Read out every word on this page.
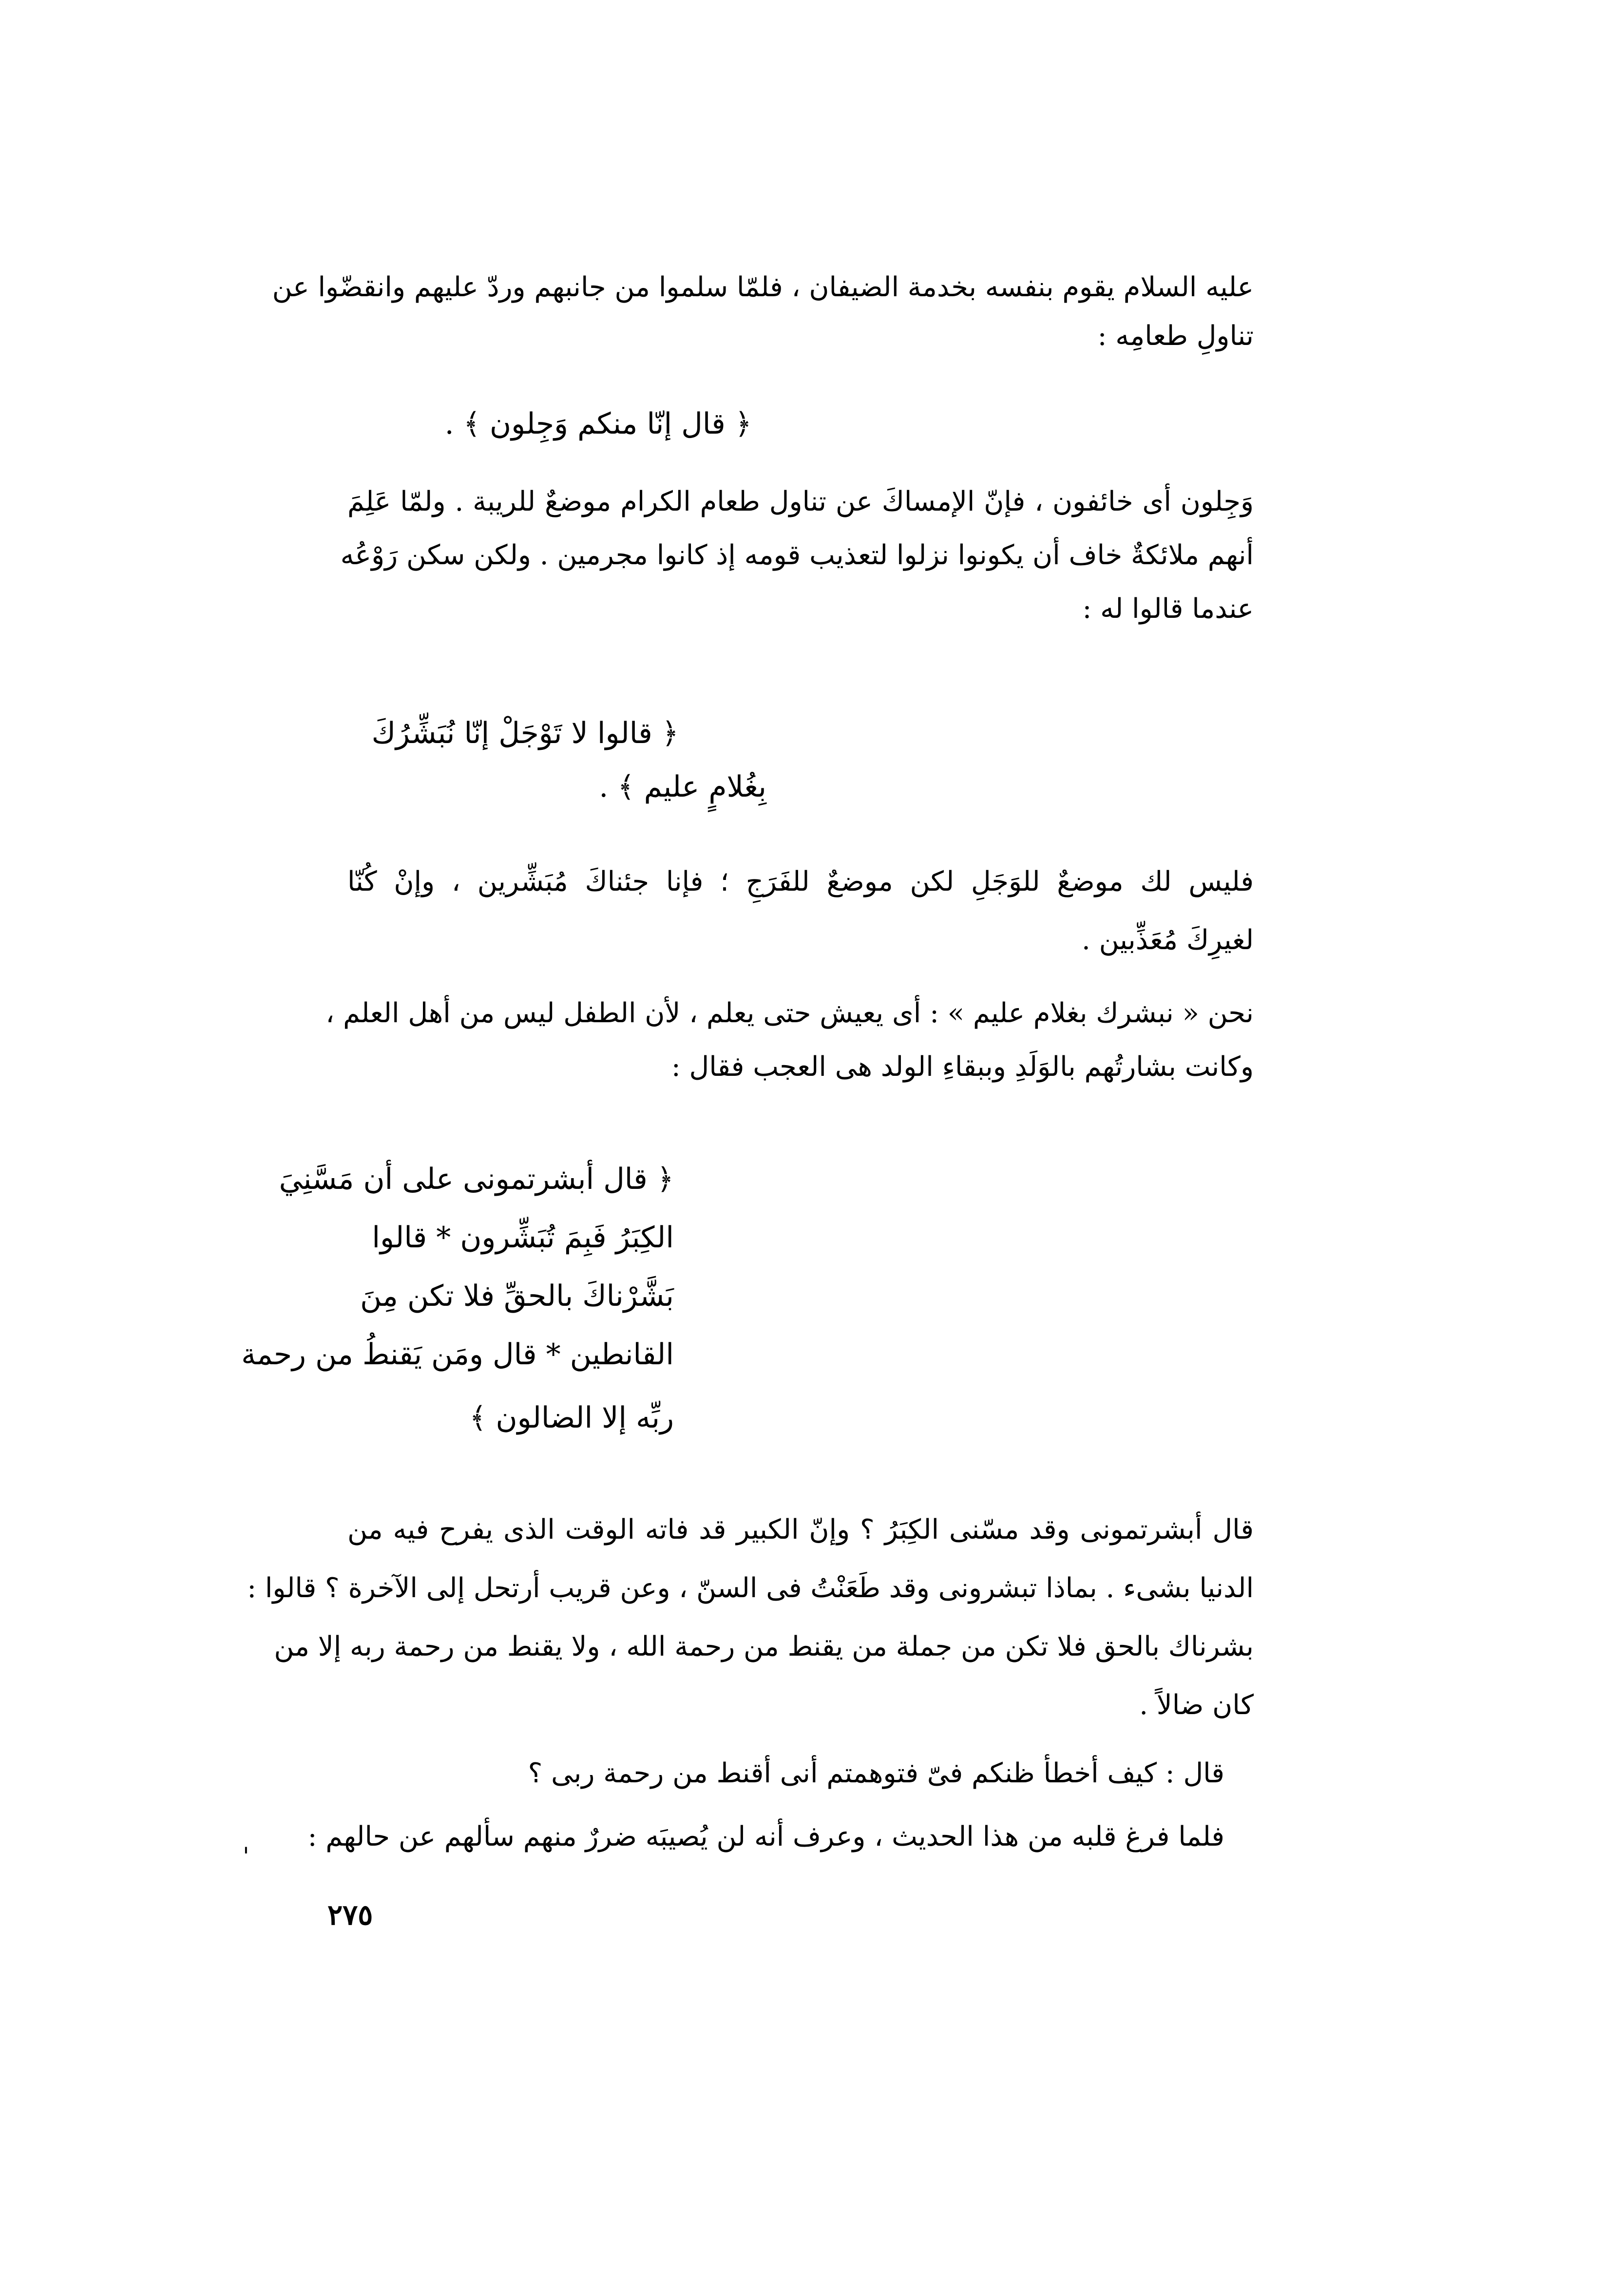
عليه السلام يقوم بنفسه بخدمة الضيفان ، فلمّا سلموا من جانبهم وردّ عليهم وانقضّوا عن

تناولِ طعامِه :

﴿ قال إنّا منكم وَجِلون ﴾ .

وَجِلون أى خائفون ، فإنّ الإمساكَ عن تناول طعام الكرام موضعٌ للريبة . ولمّا عَلِمَ

أنهم ملائكةٌ خاف أن يكونوا نزلوا لتعذيب قومه إذ كانوا مجرمين . ولكن سكن رَوْعُه

عندما قالوا له :

﴿ قالوا لا تَوْجَلْ إنّا نُبَشِّرُكَ

بِغُلامٍ عليم ﴾ .

فليس لك موضعٌ للوَجَلِ لكن موضعٌ للفَرَجِ ؛ فإنا جئناكَ مُبَشِّرين ، وإنْ كُنّا

لغيرِكَ مُعَذِّبين .

نحن « نبشرك بغلام عليم » : أى يعيش حتى يعلم ، لأن الطفل ليس من أهل العلم ،

وكانت بشارتُهم بالوَلَدِ وببقاءِ الولد هى العجب فقال :

﴿ قال أبشرتمونى على أن مَسَّنِيَ

الكِبَرُ فَبِمَ تُبَشِّرون * قالوا

بَشَّرْناكَ بالحقِّ فلا تكن مِنَ

القانطين * قال ومَن يَقنطُ من رحمة

ربِّه إلا الضالون ﴾

قال أبشرتمونى وقد مسّنى الكِبَرُ ؟ وإنّ الكبير قد فاته الوقت الذى يفرح فيه من

الدنيا بشىء . بماذا تبشرونى وقد طَعَنْتُ فى السنّ ، وعن قريب أرتحل إلى الآخرة ؟ قالوا :

بشرناك بالحق فلا تكن من جملة من يقنط من رحمة الله ، ولا يقنط من رحمة ربه إلا من

كان ضالاً .

قال : كيف أخطأ ظنكم فىّ فتوهمتم أنى أقنط من رحمة ربى ؟

فلما فرغ قلبه من هذا الحديث ، وعرف أنه لن يُصيبَه ضررٌ منهم سألهم عن حالهم :

'

٢٧٥
